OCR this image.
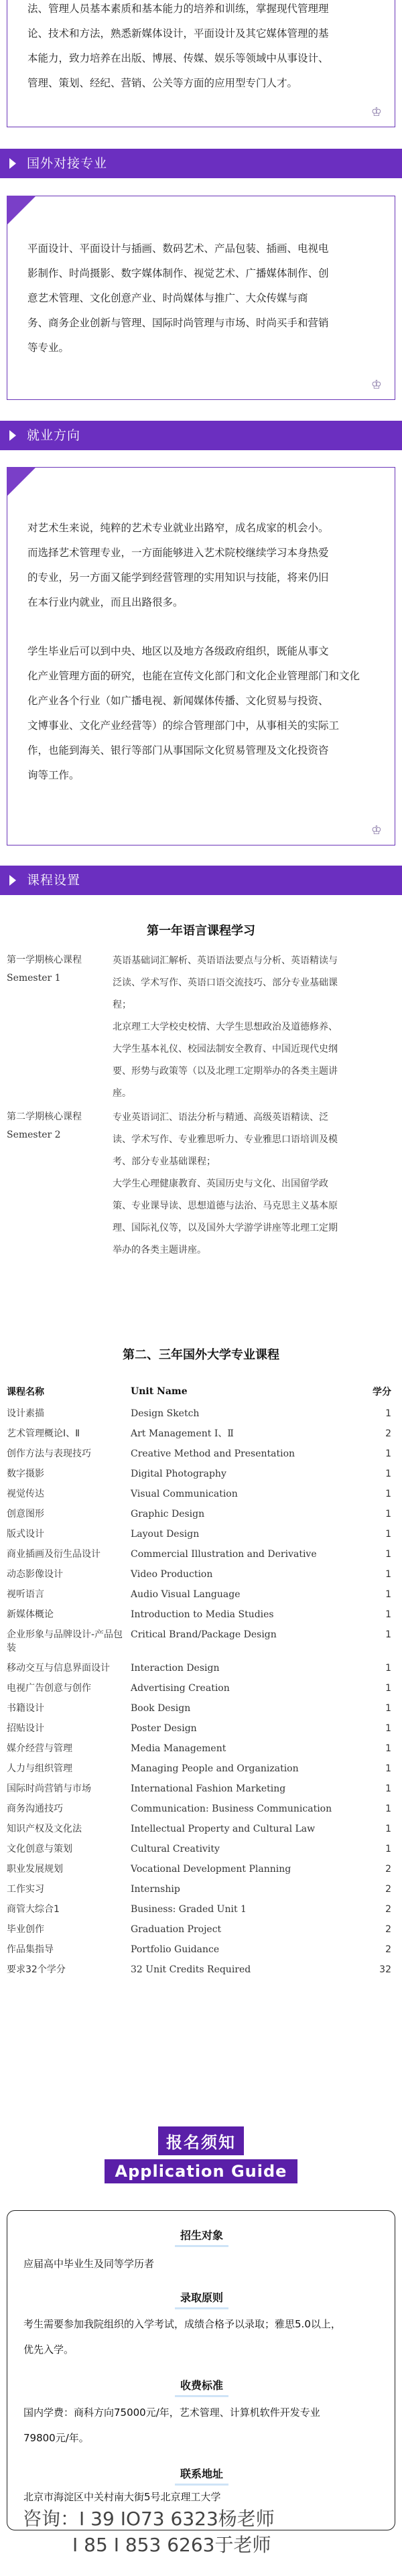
法、管理人员基本素质和基本能力的培养和训练，掌握现代管理理

论、技术和方法，熟悉新媒体设计，平面设计及其它媒体管理的基

本能力，致力培养在出版、博展、传媒、娱乐等领域中从事设计、

管理、策划、经纪、营销、公关等方面的应用型专门人才。

♔
国外对接专业

平面设计、平面设计与插画、数码艺术、产品包装、插画、电视电

影制作、时尚摄影、数字媒体制作、视觉艺术、广播媒体制作、创

意艺术管理、文化创意产业、时尚媒体与推广、大众传媒与商

务、商务企业创新与管理、国际时尚管理与市场、时尚买手和营销

等专业。

♔
就业方向

对艺术生来说，纯粹的艺术专业就业出路窄，成名成家的机会小。

而选择艺术管理专业，一方面能够进入艺术院校继续学习本身热爱

的专业，另一方面又能学到经营管理的实用知识与技能，将来仍旧

在本行业内就业，而且出路很多。

学生毕业后可以到中央、地区以及地方各级政府组织，既能从事文

化产业管理方面的研究，也能在宣传文化部门和文化企业管理部门和文化

化产业各个行业（如广播电视、新闻媒体传播、文化贸易与投资、

文博事业、文化产业经营等）的综合管理部门中，从事相关的实际工

作，也能到海关、银行等部门从事国际文化贸易管理及文化投资咨

询等工作。

♔
课程设置
第一年语言课程学习
第一学期核心课程
Semester 1
英语基础词汇解析、英语语法要点与分析、英语精读与
泛读、学术写作、英语口语交流技巧、部分专业基础课
程；
北京理工大学校史校情、大学生思想政治及道德修养、
大学生基本礼仪、校园法制安全教育、中国近现代史纲
要、形势与政策等（以及北理工定期举办的各类主题讲
座。
第二学期核心课程
Semester 2
专业英语词汇、语法分析与精通、高级英语精读、泛
读、学术写作、专业雅思听力、专业雅思口语培训及模
考、部分专业基础课程；
大学生心理健康教育、英国历史与文化、出国留学政
策、专业课导读、思想道德与法治、马克思主义基本原
理、国际礼仪等，以及国外大学游学讲座等北理工定期
举办的各类主题讲座。
第二、三年国外大学专业课程
课程名称	Unit Name	学分
设计素描	Design Sketch	1
艺术管理概论Ⅰ、Ⅱ	Art Management Ⅰ、Ⅱ	2
创作方法与表现技巧	Creative Method and Presentation	1
数字摄影	Digital Photography	1
视觉传达	Visual Communication	1
创意图形	Graphic Design	1
版式设计	Layout Design	1
商业插画及衍生品设计	Commercial Illustration and Derivative	1
动态影像设计	Video Production	1
视听语言	Audio Visual Language	1
新媒体概论	Introduction to Media Studies	1
企业形象与品牌设计-产品包装	Critical Brand/Package Design	1
移动交互与信息界面设计	Interaction Design	1
电视广告创意与创作	Advertising Creation	1
书籍设计	Book Design	1
招贴设计	Poster Design	1
媒介经营与管理	Media Management	1
人力与组织管理	Managing People and Organization	1
国际时尚营销与市场	International Fashion Marketing	1
商务沟通技巧	Communication: Business Communication	1
知识产权及文化法	Intellectual Property and Cultural Law	1
文化创意与策划	Cultural Creativity	1
职业发展规划	Vocational Development Planning	2
工作实习	Internship	2
商管大综合1	Business: Graded Unit 1	2
毕业创作	Graduation Project	2
作品集指导	Portfolio Guidance	2
要求32个学分	32 Unit Credits Required	32
报名须知
Application Guide
招生对象
应届高中毕业生及同等学历者
录取原则
考生需要参加我院组织的入学考试，成绩合格予以录取；雅思5.0以上，
优先入学。
收费标准
国内学费：商科方向75000元/年，艺术管理、计算机软件开发专业
79800元/年。
联系地址
北京市海淀区中关村南大街5号北京理工大学
咨询：I 39 IO73 6323杨老师
I 85 I 853 6263于老师
